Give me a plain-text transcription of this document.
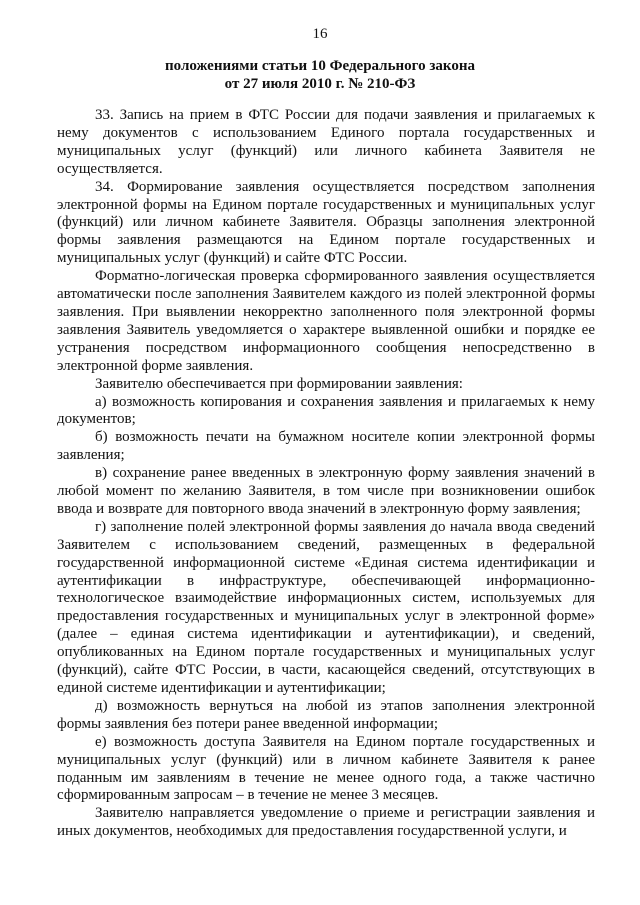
16
положениями статьи 10 Федерального закона
от 27 июля 2010 г. № 210-ФЗ

33. Запись на прием в ФТС России для подачи заявления и прилагаемых к нему документов с использованием Единого портала государственных и муниципальных услуг (функций) или личного кабинета Заявителя не осуществляется.

34. Формирование заявления осуществляется посредством заполнения электронной формы на Едином портале государственных и муниципальных услуг (функций) или личном кабинете Заявителя. Образцы заполнения электронной формы заявления размещаются на Едином портале государственных и муниципальных услуг (функций) и сайте ФТС России.

Форматно-логическая проверка сформированного заявления осуществляется автоматически после заполнения Заявителем каждого из полей электронной формы заявления. При выявлении некорректно заполненного поля электронной формы заявления Заявитель уведомляется о характере выявленной ошибки и порядке ее устранения посредством информационного сообщения непосредственно в электронной форме заявления.

Заявителю обеспечивается при формировании заявления:

а) возможность копирования и сохранения заявления и прилагаемых к нему документов;

б) возможность печати на бумажном носителе копии электронной формы заявления;

в) сохранение ранее введенных в электронную форму заявления значений в любой момент по желанию Заявителя, в том числе при возникновении ошибок ввода и возврате для повторного ввода значений в электронную форму заявления;

г) заполнение полей электронной формы заявления до начала ввода сведений Заявителем с использованием сведений, размещенных в федеральной государственной информационной системе «Единая система идентификации и аутентификации в инфраструктуре, обеспечивающей информационно-технологическое взаимодействие информационных систем, используемых для предоставления государственных и муниципальных услуг в электронной форме» (далее – единая система идентификации и аутентификации), и сведений, опубликованных на Едином портале государственных и муниципальных услуг (функций), сайте ФТС России, в части, касающейся сведений, отсутствующих в единой системе идентификации и аутентификации;

д) возможность вернуться на любой из этапов заполнения электронной формы заявления без потери ранее введенной информации;

е) возможность доступа Заявителя на Едином портале государственных и муниципальных услуг (функций) или в личном кабинете Заявителя к ранее поданным им заявлениям в течение не менее одного года, а также частично сформированным запросам – в течение не менее 3 месяцев.

Заявителю направляется уведомление о приеме и регистрации заявления и иных документов, необходимых для предоставления государственной услуги, и
